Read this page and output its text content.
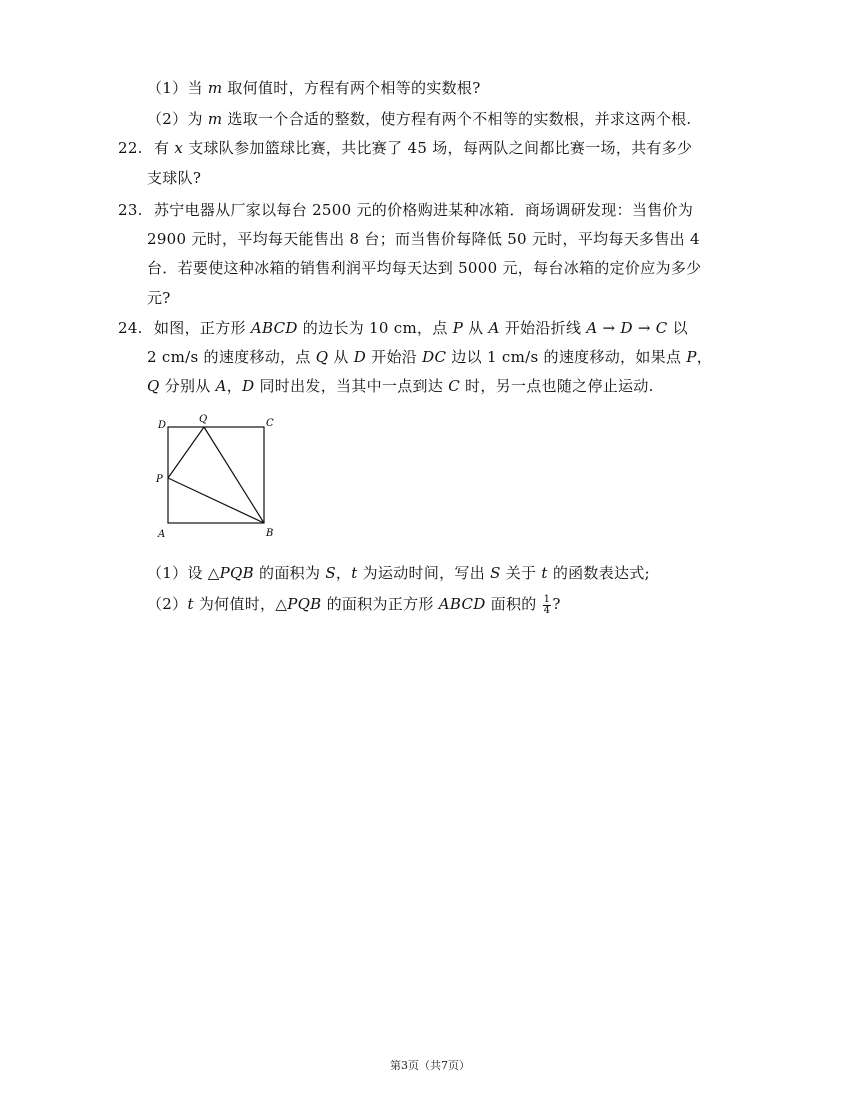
（1）当 m 取何值时，方程有两个相等的实数根?
（2）为 m 选取一个合适的整数，使方程有两个不相等的实数根，并求这两个根.
22. 有 x 支球队参加篮球比赛，共比赛了 45 场，每两队之间都比赛一场，共有多少
支球队?
23. 苏宁电器从厂家以每台 2500 元的价格购进某种冰箱．商场调研发现：当售价为
2900 元时，平均每天能售出 8 台；而当售价每降低 50 元时，平均每天多售出 4
台．若要使这种冰箱的销售利润平均每天达到 5000 元，每台冰箱的定价应为多少
元?
24. 如图，正方形 ABCD 的边长为 10 cm，点 P 从 A 开始沿折线 A → D → C 以
2 cm/s 的速度移动，点 Q 从 D 开始沿 DC 边以 1 cm/s 的速度移动，如果点 P，
Q 分别从 A，D 同时出发，当其中一点到达 C 时，另一点也随之停止运动.
D
Q	C
P
A	B
（1）设 △PQB 的面积为 S，t 为运动时间，写出 S 关于 t 的函数表达式;
（2）t 为何值时，△PQB 的面积为正方形 ABCD 面积的 $\frac{1}{4}$ ?
第3页（共7页）
